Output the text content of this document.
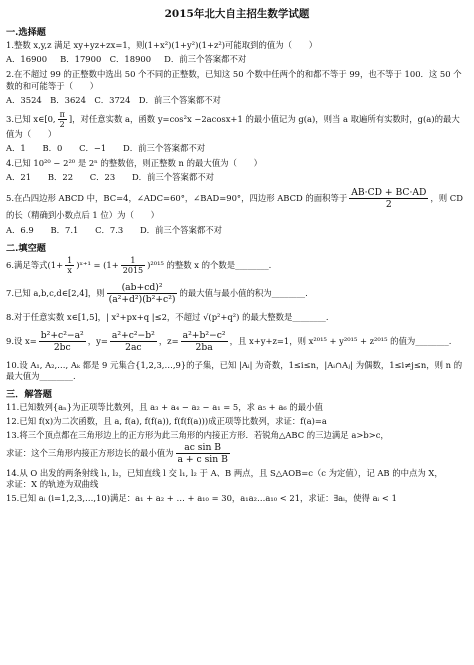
2015年北大自主招生数学试题
一.选择题
1.整数 x,y,z 满足 xy+yz+zx=1，则(1+x²)(1+y²)(1+z²)可能取到的值为（　　）
A．16900　 B．17900　C．18900　 D．前三个答案都不对
2.在不超过 99 的正整数中选出 50 个不同的正整数，已知这 50 个数中任两个的和都不等于 99，也不等于 100．这 50 个数的和可能等于（　　）
A．3524　B．3624　C．3724　D．前三个答案都不对
3.已知 x∈[0, $\frac{\pi}{2}$ ]，对任意实数 a，函数 y=cos²x −2acosx+1 的最小值记为 g(a)，则当 a 取遍所有实数时，g(a)的最大值为（　　）
A．1　　B．0　　C．−1　　D．前三个答案都不对
4.已知 10²⁰ − 2²⁰ 是 2ⁿ 的整数倍，则正整数 n 的最大值为（　　）
A．21　　B．22　　C．23　　D．前三个答案都不对
5.在凸四边形 ABCD 中，BC=4，∠ADC=60°，∠BAD=90°，四边形 ABCD 的面积等于 $\frac{AB\cdot CD + BC\cdot AD}{2}$ ，则 CD 的长（精确到小数点后 1 位）为（　　）
A．6.9　　B．7.1　　C．7.3　　D．前三个答案都不对
二.填空题
6.满足等式($1+ \frac{1}{x}$ )ˣ⁺¹ = $(1+ \frac{1}{2015} )^{2015}$ 的整数 x 的个数是________.
7.已知 a,b,c,d∈[2,4]，则 $\frac{\text{(ab+cd)²}}{\text{(a²+d²)(b²+c²)}}$ 的最大值与最小值的积为________.
8.对于任意实数 x∈[1,5]，| x²+px+q |≤2，不超过 √(p²+q²) 的最大整数是________.
9.设 $x= \frac{\text{b²+c²−a²}}{2bc}$ ，$y= \frac{\text{a²+c²−b²}}{2ac}$ ，$z= \frac{\text{a²+b²−c²}}{2ba}$ ，且 x+y+z=1，则 x²⁰¹⁵ + y²⁰¹⁵ + z²⁰¹⁵ 的值为________.
10.设 A₁, A₂,…, Aₖ 都是 9 元集合{1,2,3,…,9}的子集，已知 |Aᵢ| 为奇数，1≤i≤n，|Aᵢ∩Aⱼ| 为偶数，1≤i≠j≤n，则 n 的最大值为________.
三．解答题
11.已知数列{aₙ}为正项等比数列，且 a₃ + a₄ − a₂ − a₁ = 5，求 a₅ + a₆ 的最小值
12.已知 f(x)为二次函数，且 a, f(a), f(f(a)), f(f(f(a)))成正项等比数列，求证：f(a)=a
13.将三个顶点都在三角形边上的正方形为此三角形的内接正方形．若锐角△ABC 的三边满足 a>b>c，
求证：这个三角形内接正方形边长的最小值为 $\frac{\text{ac sin B}}{\text{a + c sin B}}$
14.从 O 出发的两条射线 l₁, l₂，已知直线 l 交 l₁, l₂ 于 A、B 两点，且 S△AOB=c（c 为定值），记 AB 的中点为 X，
求证：X 的轨迹为双曲线
15.已知 aᵢ (i=1,2,3,…,10)满足：a₁ + a₂ + … + a₁₀ = 30，a₁a₂…a₁₀ < 21，求证：∃aᵢ，使得 aᵢ < 1
